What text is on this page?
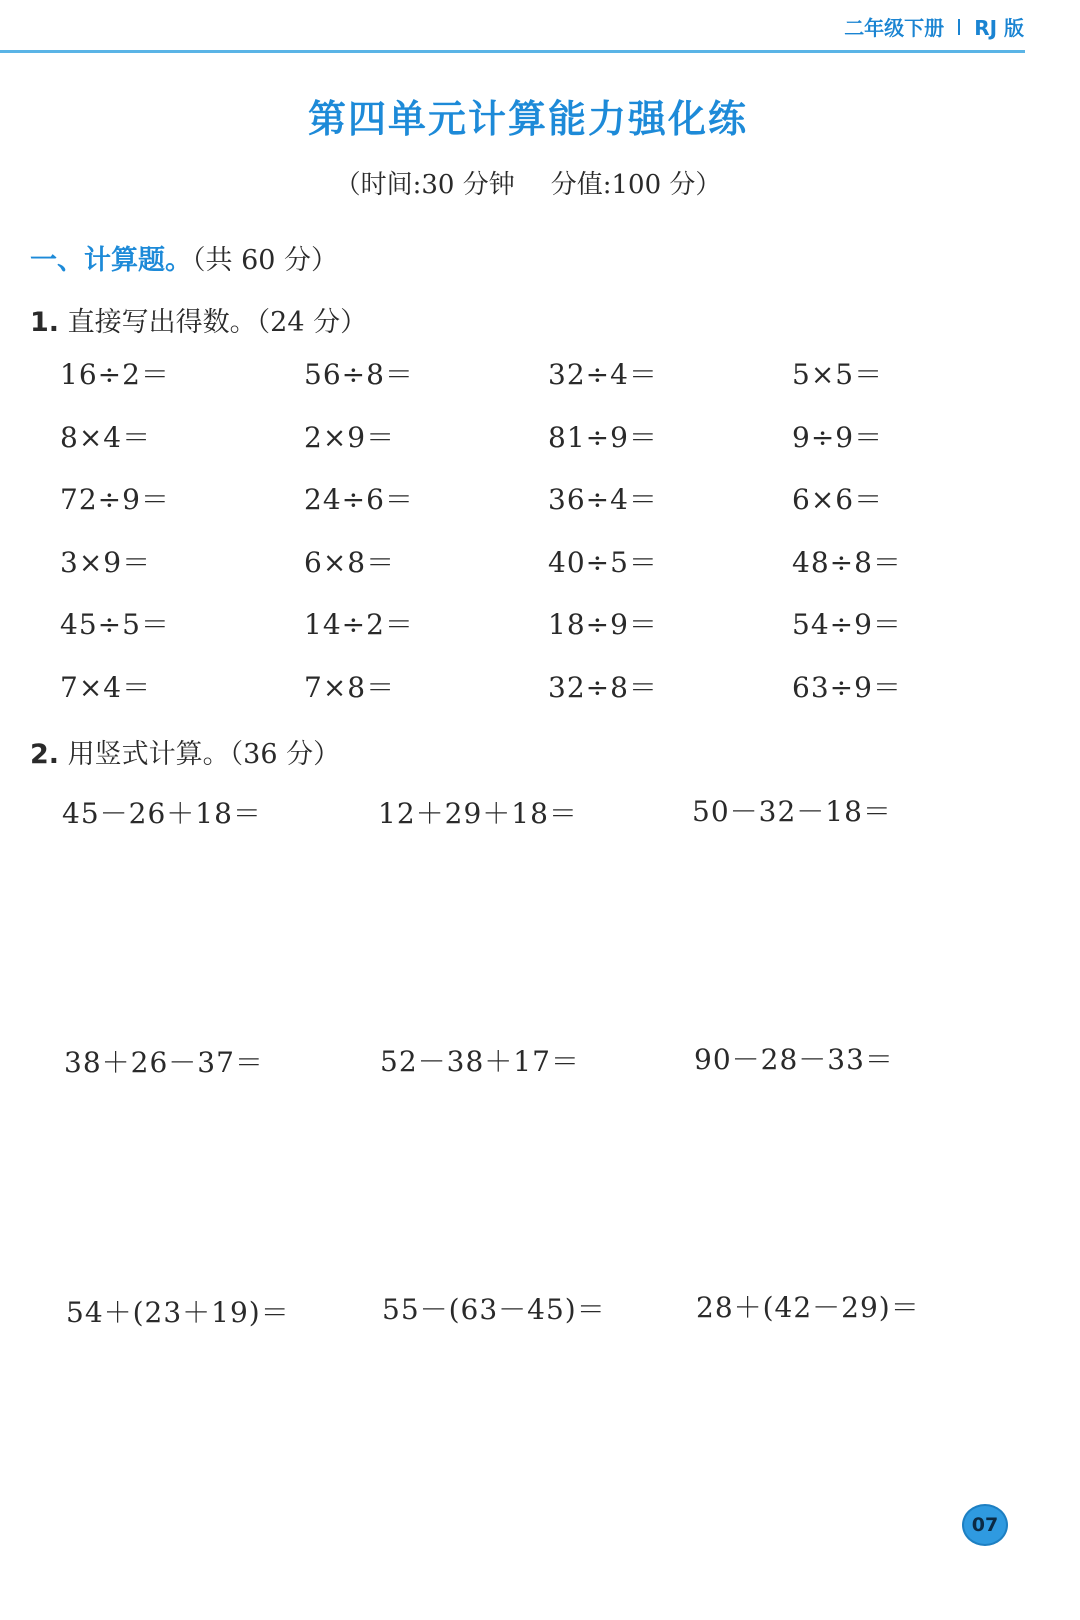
二年级下册 RJ 版
第四单元计算能力强化练
（时间:30 分钟 分值:100 分）
一、计算题。（共 60 分）
1. 直接写出得数。（24 分）
16÷2＝	56÷8＝	32÷4＝	5×5＝
8×4＝	2×9＝	81÷9＝	9÷9＝
72÷9＝	24÷6＝	36÷4＝	6×6＝
3×9＝	6×8＝	40÷5＝	48÷8＝
45÷5＝	14÷2＝	18÷9＝	54÷9＝
7×4＝	7×8＝	32÷8＝	63÷9＝
2. 用竖式计算。（36 分）
45－26＋18＝	12＋29＋18＝	50－32－18＝
38＋26－37＝	52－38＋17＝	90－28－33＝
54＋(23＋19)＝	55－(63－45)＝	28＋(42－29)＝
07
